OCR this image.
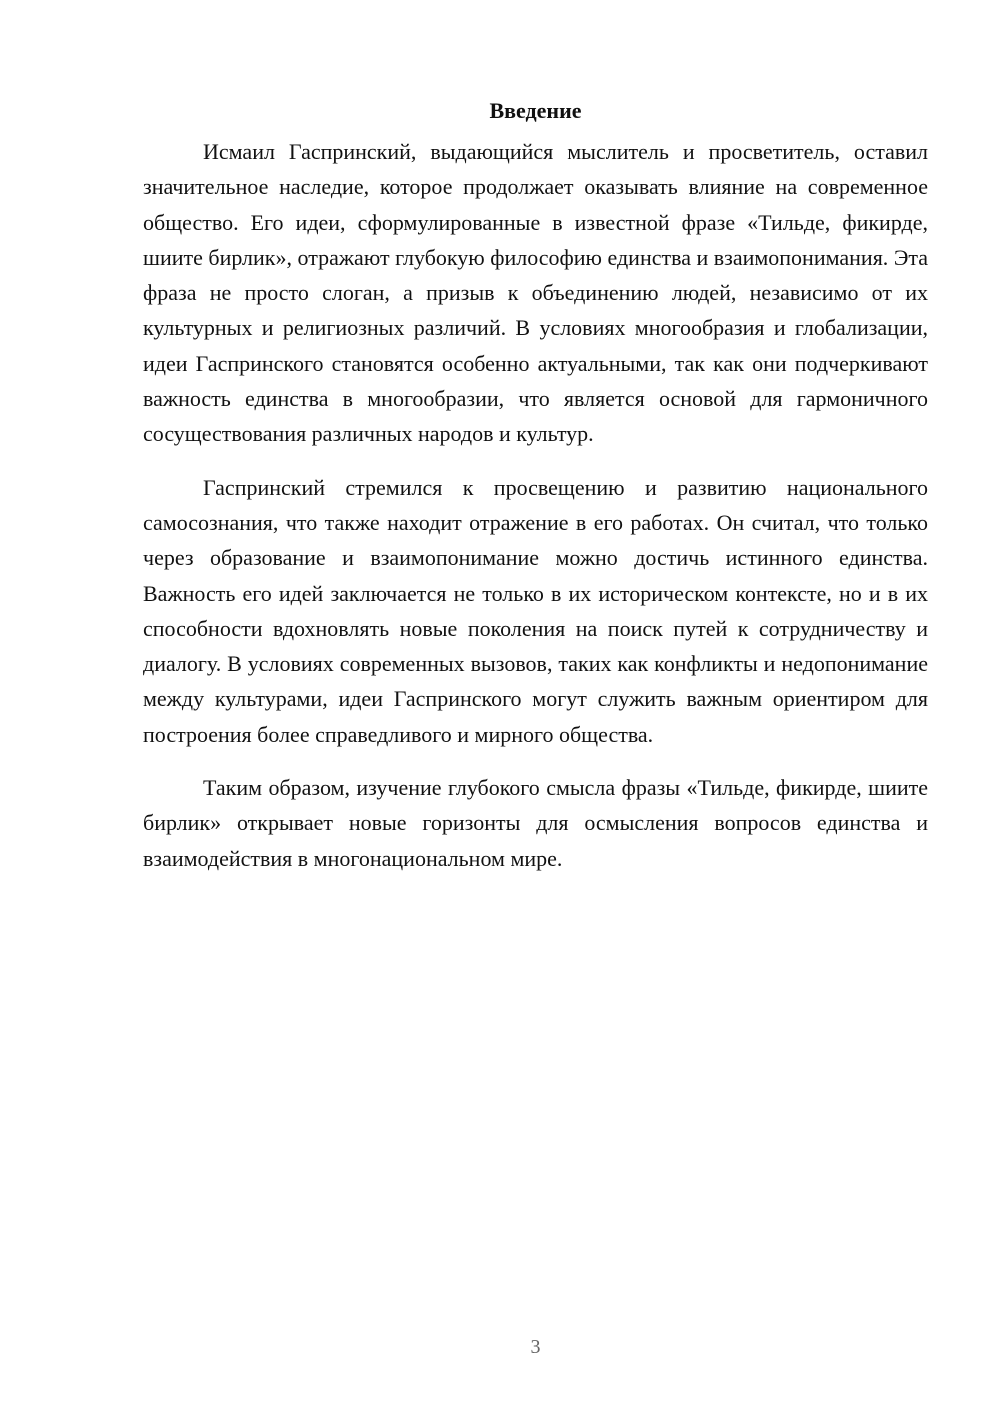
Введение

Исмаил Гаспринский, выдающийся мыслитель и просветитель, оставил значительное наследие, которое продолжает оказывать влияние на современное общество. Его идеи, сформулированные в известной фразе «Тильде, фикирде, шиите бирлик», отражают глубокую философию единства и взаимопонимания. Эта фраза не просто слоган, а призыв к объединению людей, независимо от их культурных и религиозных различий. В условиях многообразия и глобализации, идеи Гаспринского становятся особенно актуальными, так как они подчеркивают важность единства в многообразии, что является основой для гармоничного сосуществования различных народов и культур.

Гаспринский стремился к просвещению и развитию национального самосознания, что также находит отражение в его работах. Он считал, что только через образование и взаимопонимание можно достичь истинного единства. Важность его идей заключается не только в их историческом контексте, но и в их способности вдохновлять новые поколения на поиск путей к сотрудничеству и диалогу. В условиях современных вызовов, таких как конфликты и недопонимание между культурами, идеи Гаспринского могут служить важным ориентиром для построения более справедливого и мирного общества.

Таким образом, изучение глубокого смысла фразы «Тильде, фикирде, шиите бирлик» открывает новые горизонты для осмысления вопросов единства и взаимодействия в многонациональном мире.

3
